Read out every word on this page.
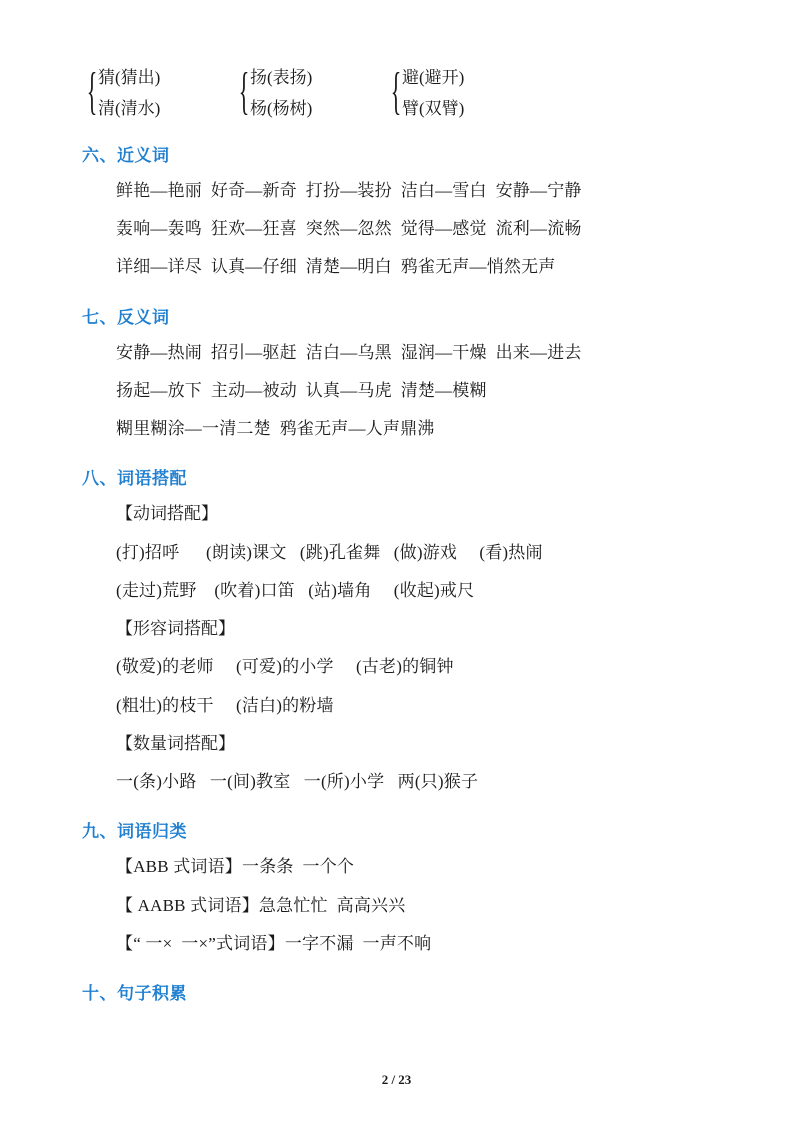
{ 猜(猜出)
清(清水)	{ 扬(表扬)
杨(杨树)	{ 避(避开)
臂(双臂)
六、近义词
鲜艳—艳丽  好奇—新奇  打扮—装扮  洁白—雪白  安静—宁静
轰响—轰鸣  狂欢—狂喜  突然—忽然  觉得—感觉  流利—流畅
详细—详尽  认真—仔细  清楚—明白  鸦雀无声—悄然无声
七、反义词
安静—热闹  招引—驱赶  洁白—乌黑  湿润—干燥  出来—进去
扬起—放下  主动—被动  认真—马虎  清楚—模糊
糊里糊涂—一清二楚  鸦雀无声—人声鼎沸
八、词语搭配
【动词搭配】
(打)招呼      (朗读)课文   (跳)孔雀舞   (做)游戏     (看)热闹
(走过)荒野    (吹着)口笛   (站)墙角     (收起)戒尺
【形容词搭配】
(敬爱)的老师     (可爱)的小学     (古老)的铜钟
(粗壮)的枝干     (洁白)的粉墙
【数量词搭配】
一(条)小路   一(间)教室   一(所)小学   两(只)猴子
九、词语归类
【ABB 式词语】一条条  一个个
【 AABB 式词语】急急忙忙  高高兴兴
【“ 一×  一×”式词语】一字不漏  一声不响
十、句子积累
2 / 23
